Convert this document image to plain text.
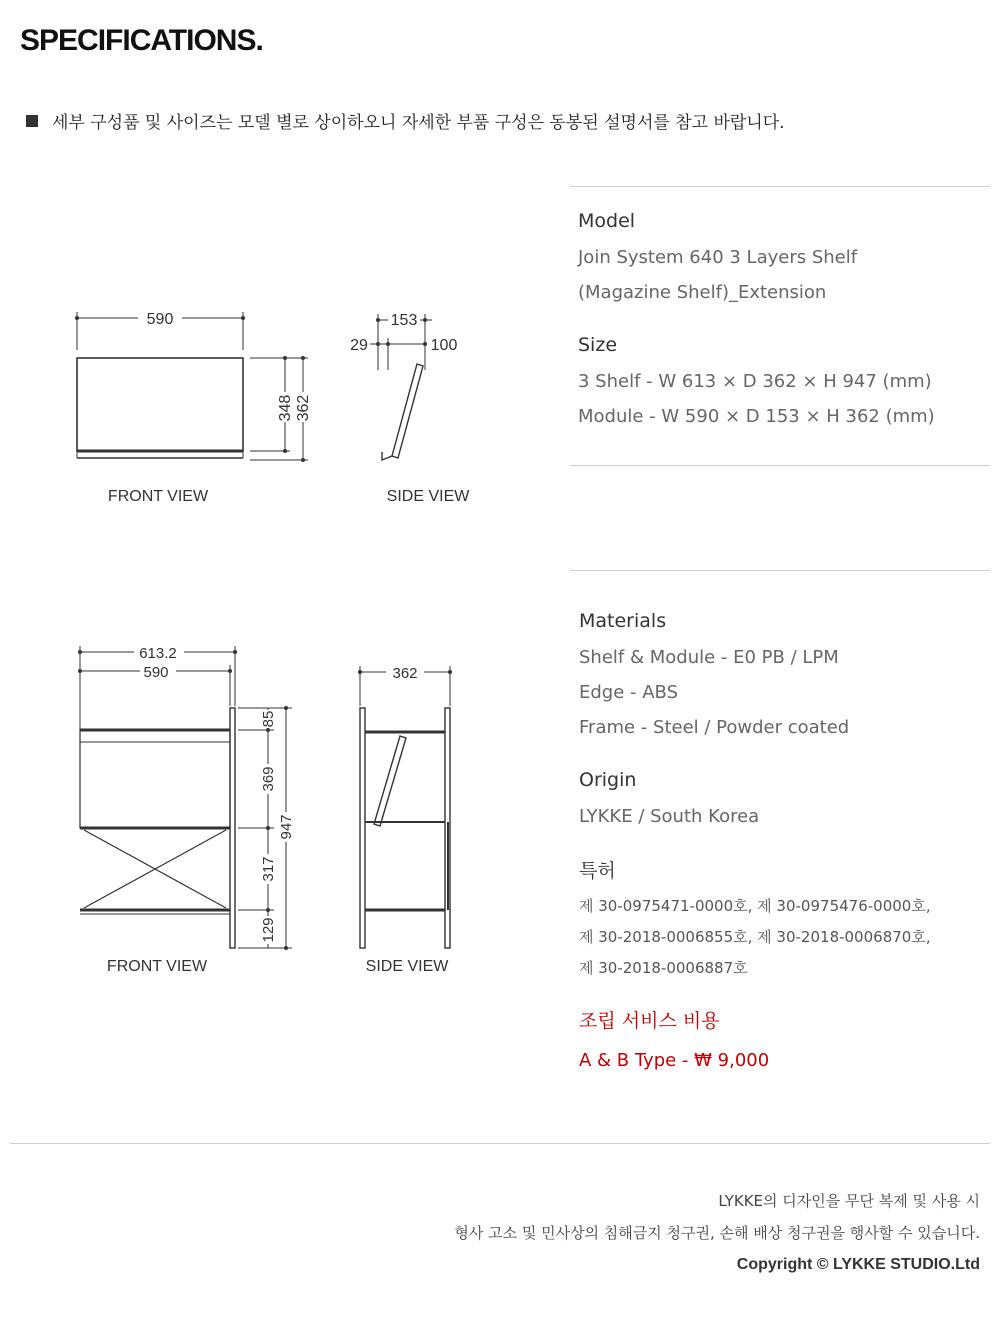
SPECIFICATIONS.
세부 구성품 및 사이즈는 모델 별로 상이하오니 자세한 부품 구성은 동봉된 설명서를 참고 바랍니다.
Model
Join System 640 3 Layers Shelf
(Magazine Shelf)_Extension
Size
3 Shelf - W 613 × D 362 × H 947 (mm)
Module - W 590 × D 153 × H 362 (mm)
Materials
Shelf & Module - E0 PB / LPM
Edge - ABS
Frame - Steel / Powder coated
Origin
LYKKE / South Korea
특허
제 30-0975471-0000호, 제 30-0975476-0000호,
제 30-2018-0006855호, 제 30-2018-0006870호,
제 30-2018-0006887호
조립 서비스 비용
A & B Type - ₩ 9,000
590
348 362
153
29	100
FRONT VIEW	SIDE VIEW
613.2
590
85
369
317
129
947
362
FRONT VIEW	SIDE VIEW
LYKKE의 디자인을 무단 복제 및 사용 시
형사 고소 및 민사상의 침해금지 청구권, 손해 배상 청구권을 행사할 수 있습니다.
Copyright © LYKKE STUDIO.Ltd
